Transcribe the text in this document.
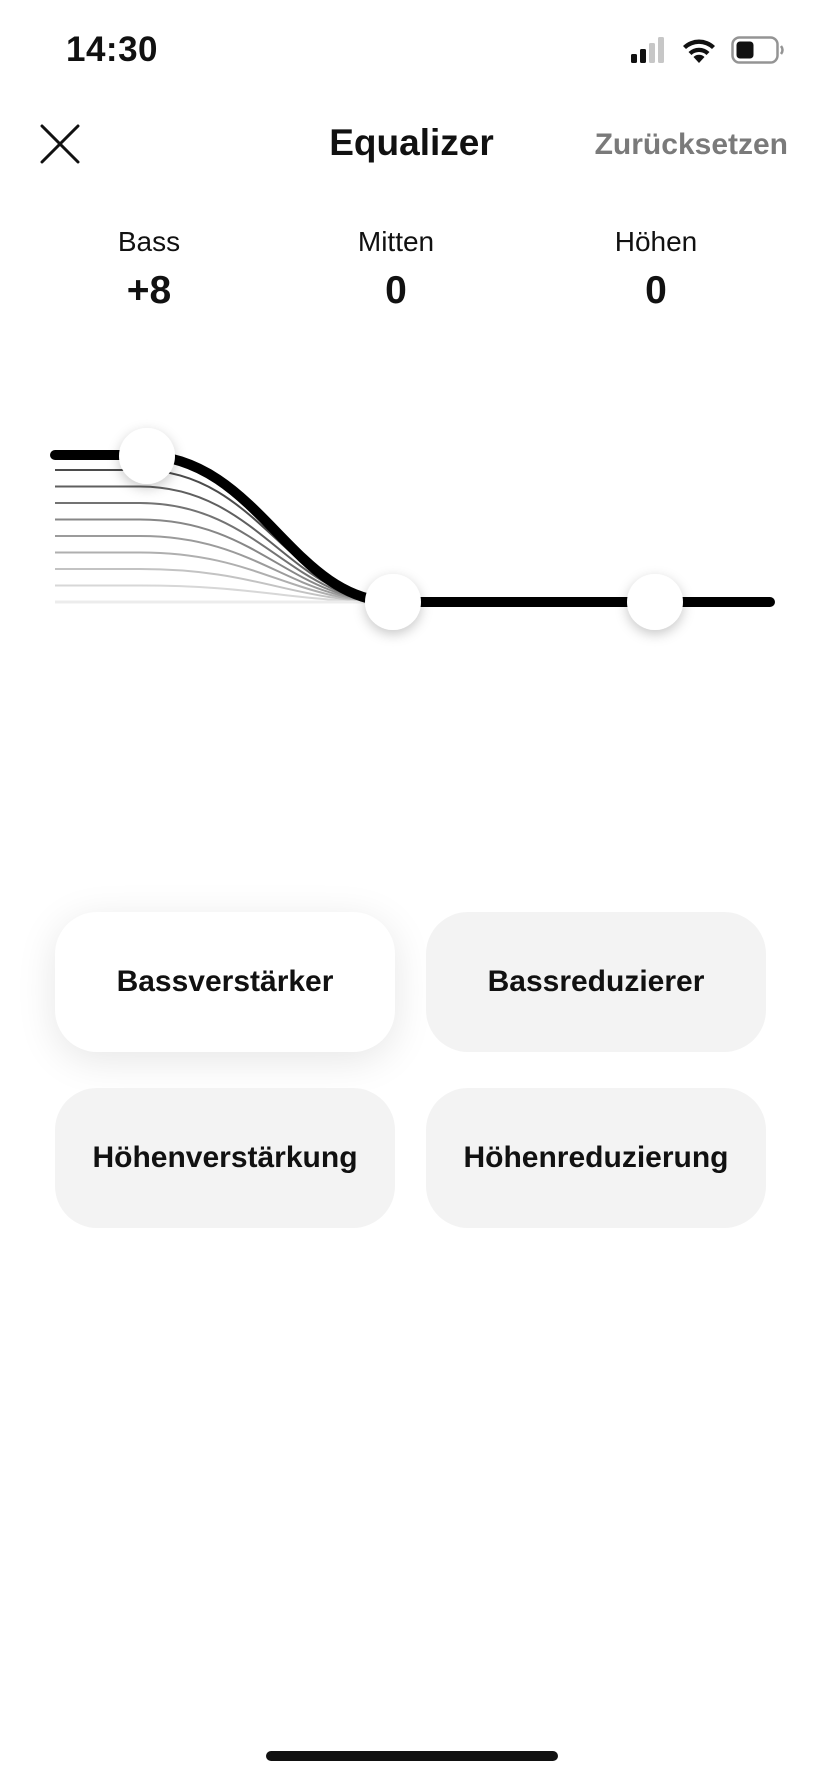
14:30
Equalizer	Zurücksetzen
Bass
+8
Mitten
0
Höhen
0
Bassverstärker	Bassreduzierer
Höhenverstärkung	Höhenreduzierung
